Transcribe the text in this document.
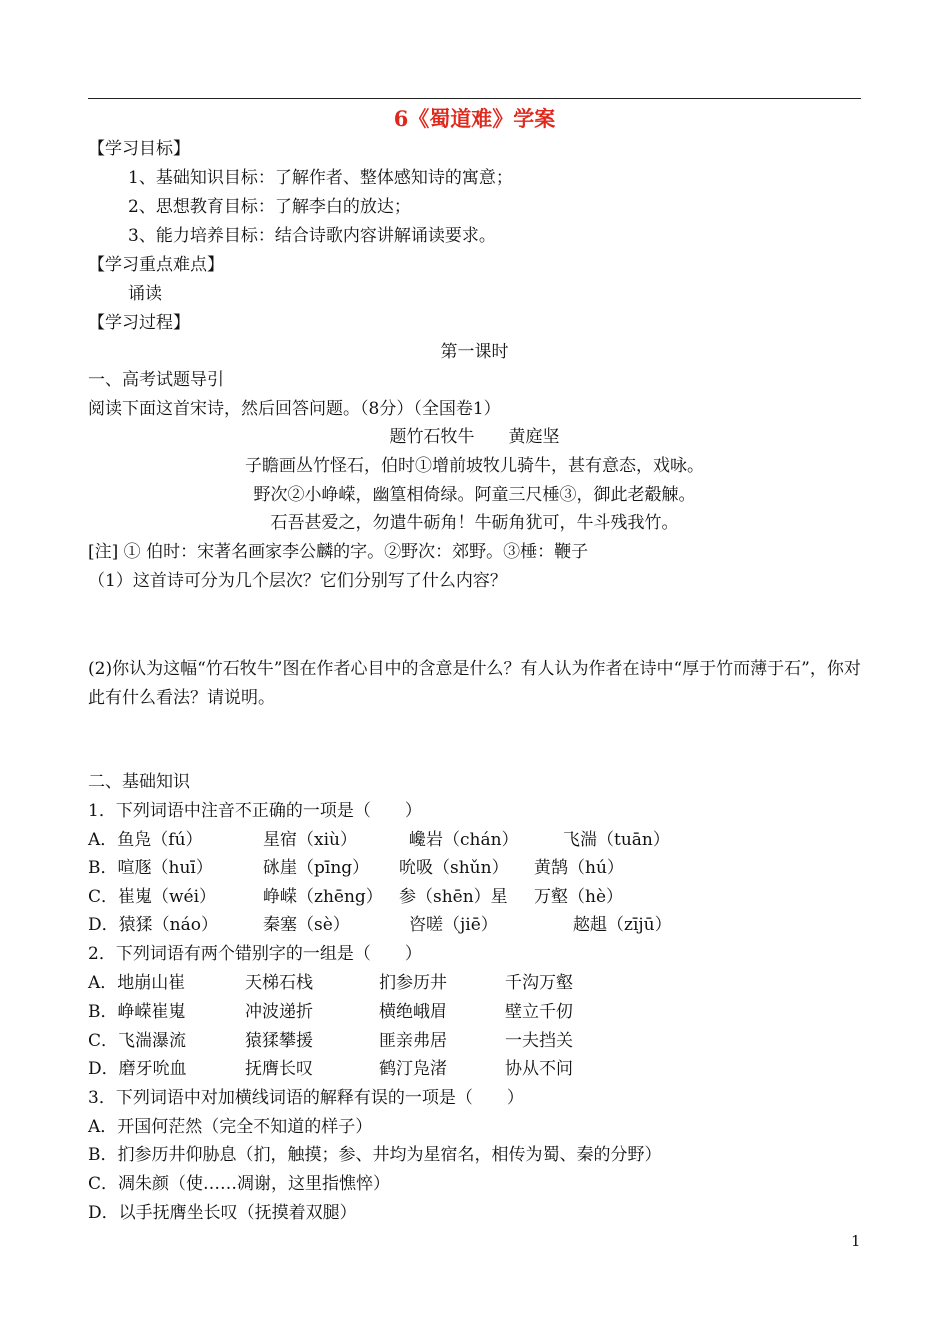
6《蜀道难》学案
【学习目标】
1、基础知识目标：了解作者、整体感知诗的寓意；
2、思想教育目标：了解李白的放达；
3、能力培养目标：结合诗歌内容讲解诵读要求。
【学习重点难点】
诵读
【学习过程】
第一课时
一、高考试题导引
阅读下面这首宋诗，然后回答问题。（8分）（全国卷1）
题竹石牧牛　　黄庭坚
子瞻画丛竹怪石，伯时①增前坡牧儿骑牛，甚有意态，戏咏。
野次②小峥嵘，幽篁相倚绿。阿童三尺棰③，御此老觳觫。
石吾甚爱之，勿遣牛砺角！牛砺角犹可，牛斗残我竹。
[注] ① 伯时：宋著名画家李公麟的字。②野次：郊野。③棰：鞭子
（1）这首诗可分为几个层次？它们分别写了什么内容？
(2)你认为这幅“竹石牧牛”图在作者心目中的含意是什么？有人认为作者在诗中“厚于竹而薄于石”，你对此有什么看法？请说明。
二、基础知识
1．下列词语中注音不正确的一项是（　　）
A．鱼凫（fú）	星宿（xiù）	巉岩（chán）	飞湍（tuān）
B．喧豗（huī）	砯崖（pīng） 吮吸（shǔn） 黄鹄（hú）
C．崔嵬（wéi）	峥嵘（zhēng） 参（shēn）星 万壑（hè）
D．猿猱（náo）	秦塞（sè）	咨嗟（jiē）	趑趄（zījū）
2．下列词语有两个错别字的一组是（　　）
A．地崩山崔	天梯石栈	扪参历井	千沟万壑
B．峥嵘崔嵬	冲波递折	横绝峨眉	壁立千仞
C．飞湍瀑流	猿猱攀援	匪亲弗居	一夫挡关
D．磨牙吮血	抚膺长叹	鹤汀凫渚	协从不问
3．下列词语中对加横线词语的解释有误的一项是（　　）
A．开国何茫然（完全不知道的样子）
B．扪参历井仰胁息（扪，触摸；参、井均为星宿名，相传为蜀、秦的分野）
C．凋朱颜（使……凋谢，这里指憔悴）
D．以手抚膺坐长叹（抚摸着双腿）
1
